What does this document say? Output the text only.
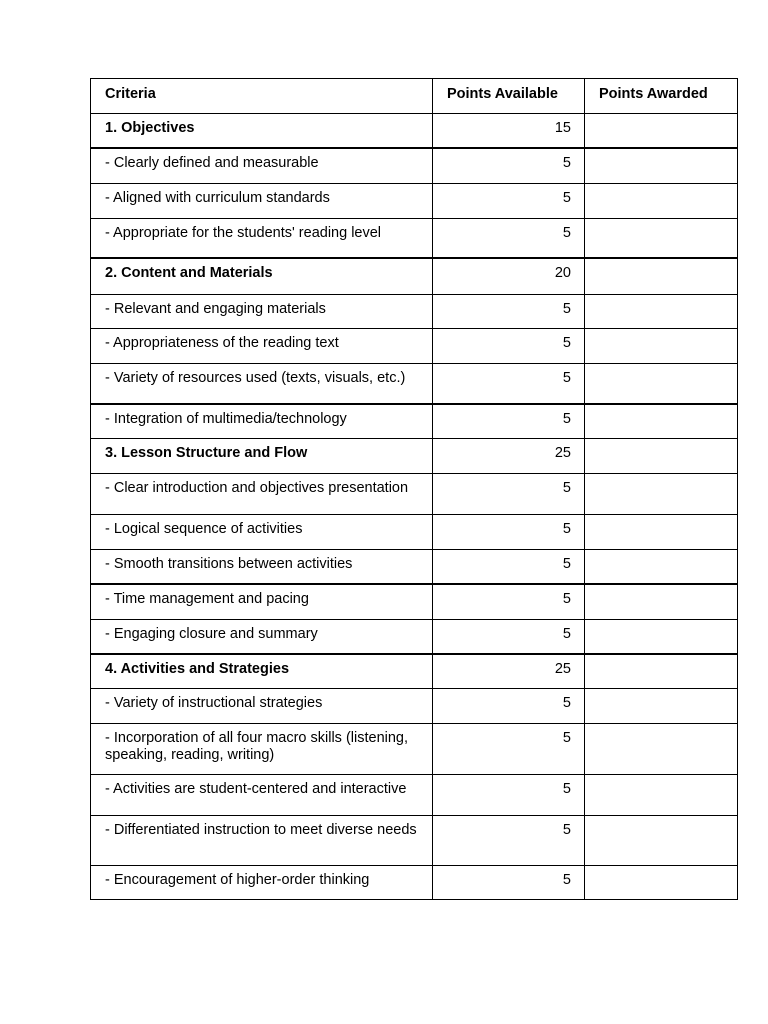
Criteria	Points Available	Points Awarded
1. Objectives	15	
- Clearly defined and measurable	5	
- Aligned with curriculum standards	5	
- Appropriate for the students' reading level	5	
2. Content and Materials	20	
- Relevant and engaging materials	5	
- Appropriateness of the reading text	5	
- Variety of resources used (texts, visuals, etc.)	5	
- Integration of multimedia/technology	5	
3. Lesson Structure and Flow	25	
- Clear introduction and objectives presentation	5	
- Logical sequence of activities	5	
- Smooth transitions between activities	5	
- Time management and pacing	5	
- Engaging closure and summary	5	
4. Activities and Strategies	25	
- Variety of instructional strategies	5	
- Incorporation of all four macro skills (listening, speaking, reading, writing)	5	
- Activities are student-centered and interactive	5	
- Differentiated instruction to meet diverse needs	5	
- Encouragement of higher-order thinking	5	
